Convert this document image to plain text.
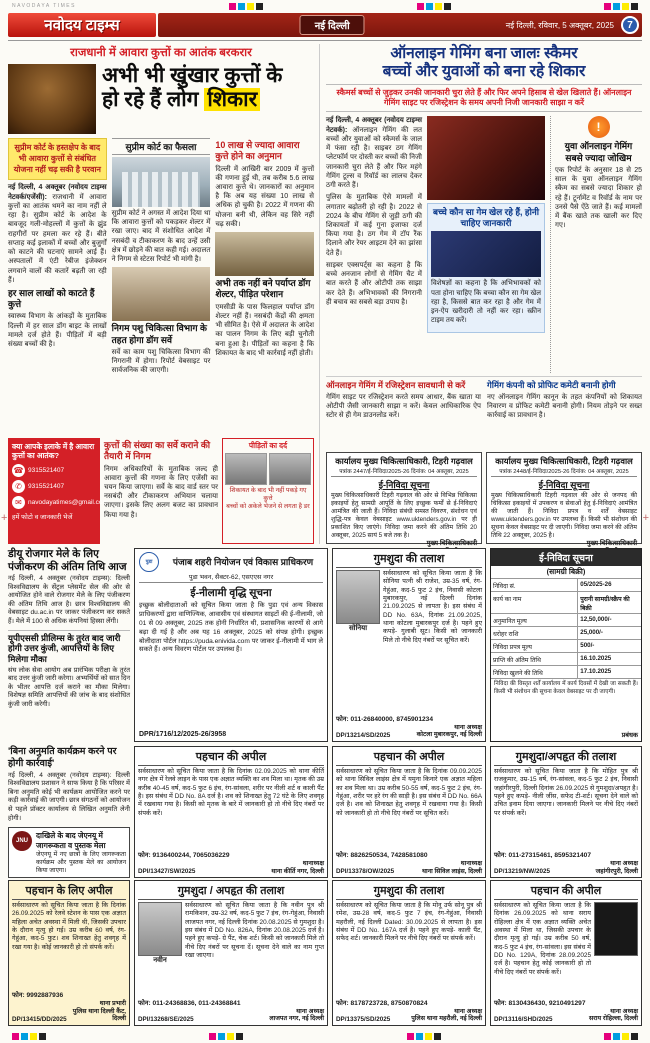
NAVODAYA TIMES
नवोदय टाइम्स	नई दिल्ली	नई दिल्ली, रविवार, 5 अक्तूबर, 2025	7
राजधानी में आवारा कुत्तों का आतंक बरकरार
अभी भी खुंखार कुत्तों के
हो रहे हैं लोग शिकार
सुप्रीम कोर्ट के हस्तक्षेप के बाद भी आवारा कुत्तों से संबंधित योजना नहीं चढ़ सकी है परवान

नई दिल्ली, 4 अक्तूबर (नवोदय टाइम्स नेटवर्क/एजेंसी): राजधानी में आवारा कुत्तों का आतंक थमने का नाम नहीं ले रहा है। सुप्रीम कोर्ट के आदेश के बावजूद गली-मोहल्लों में कुत्तों के झुंड राहगीरों पर हमला कर रहे हैं। बीते सप्ताह कई इलाकों में बच्चों और बुजुर्गों को काटने की घटनाएं सामने आई हैं। अस्पतालों में एंटी रेबीज इंजेक्शन लगवाने वालों की कतारें बढ़ती जा रही हैं।

हर साल लाखों को काटते हैं कुत्ते

स्वास्थ्य विभाग के आंकड़ों के मुताबिक दिल्ली में हर साल डॉग बाइट के लाखों मामले दर्ज होते हैं। पीड़ितों में बड़ी संख्या बच्चों की है।

सुप्रीम कोर्ट का फैसला

सुप्रीम कोर्ट ने अगस्त में आदेश दिया था कि आवारा कुत्तों को पकड़कर शेल्टर में रखा जाए। बाद में संशोधित आदेश में नसबंदी व टीकाकरण के बाद उन्हें उसी क्षेत्र में छोड़ने की बात कही गई। अदालत ने निगम से स्टेटस रिपोर्ट भी मांगी है।

निगम पशु चिकित्सा विभाग के तहत होगा डॉग सर्वे

सर्वे का काम पशु चिकित्सा विभाग की निगरानी में होगा। रिपोर्ट वेबसाइट पर सार्वजनिक की जाएगी।

10 लाख से ज्यादा आवारा कुत्ते होने का अनुमान

दिल्ली में आखिरी बार 2009 में कुत्तों की गणना हुई थी, तब करीब 5.6 लाख आवारा कुत्ते थे। जानकारों का अनुमान है कि अब यह संख्या 10 लाख से अधिक हो चुकी है। 2022 में गणना की योजना बनी थी, लेकिन वह सिरे नहीं चढ़ सकी।

अभी तक नहीं बने पर्याप्त डॉग शेल्टर, पीड़ित परेशान

एमसीडी के पास फिलहाल पर्याप्त डॉग शेल्टर नहीं हैं। नसबंदी केंद्रों की क्षमता भी सीमित है। ऐसे में अदालत के आदेश का पालन निगम के लिए बड़ी चुनौती बना हुआ है। पीड़ितों का कहना है कि शिकायत के बाद भी कार्रवाई नहीं होती।

क्या आपके इलाके में है आवारा कुत्तों का आतंक?
☎ 9315521407
✆ 9315521407
✉ navodayatimes@gmail.com
हमें फोटो व जानकारी भेजें
कुत्तों की संख्या का सर्वे कराने की तैयारी में निगम

निगम अधिकारियों के मुताबिक जल्द ही आवारा कुत्तों की गणना के लिए एजेंसी का चयन किया जाएगा। सर्वे के बाद वार्ड स्तर पर नसबंदी और टीकाकरण अभियान चलाया जाएगा। इसके लिए अलग बजट का प्रावधान किया गया है।

पीड़ितों का दर्द
शिकायत के बाद भी नहीं पकड़े गए कुत्ते
बच्चों को अकेले भेजने से लगता है डर
ऑनलाइन गेमिंग बना जालः स्कैमर
बच्चों और युवाओं को बना रहे शिकार

स्कैमर्स बच्चों से जुड़कर उनकी जानकारी चुरा लेते हैं और फिर अपने हिसाब से खेल खिलाते हैं। ऑनलाइन गेमिंग साइट पर रजिस्ट्रेशन के समय अपनी निजी जानकारी साझा न करें

नई दिल्ली, 4 अक्तूबर (नवोदय टाइम्स नेटवर्क): ऑनलाइन गेमिंग की लत बच्चों और युवाओं को स्कैमर्स के जाल में फंसा रही है। साइबर ठग गेमिंग प्लेटफॉर्म पर दोस्ती कर बच्चों की निजी जानकारी चुरा लेते हैं और फिर महंगे गेमिंग टूल्स व रिवॉर्ड का लालच देकर ठगी करते हैं।

पुलिस के मुताबिक ऐसे मामलों में लगातार बढ़ोतरी हो रही है। 2022 से 2024 के बीच गेमिंग से जुड़ी ठगी की शिकायतों में कई गुना इजाफा दर्ज किया गया है। ठग गेम में टॉप रैंक दिलाने और रेयर आइटम देने का झांसा देते हैं।

साइबर एक्सपर्ट्स का कहना है कि बच्चे अनजान लोगों से गेमिंग चैट में बात करते हैं और ओटीपी तक साझा कर देते हैं। अभिभावकों की निगरानी ही बचाव का सबसे बड़ा उपाय है।

बच्चे कौन सा गेम खेल रहे हैं, होनी चाहिए जानकारी

विशेषज्ञों का कहना है कि अभिभावकों को पता होना चाहिए कि बच्चा कौन सा गेम खेल रहा है, किससे बात कर रहा है और गेम में इन-ऐप खरीदारी तो नहीं कर रहा। स्क्रीन टाइम तय करें।

!
युवा ऑनलाइन गेमिंग सबसे ज्यादा जोखिम

एक रिपोर्ट के अनुसार 18 से 25 साल के युवा ऑनलाइन गेमिंग स्कैम का सबसे ज्यादा शिकार हो रहे हैं। टूर्नामेंट व रिवॉर्ड के नाम पर उनसे पैसे ऐंठे जाते हैं। कई मामलों में बैंक खाते तक खाली कर दिए गए।

ऑनलाइन गेमिंग में रजिस्ट्रेशन सावधानी से करें

गेमिंग साइट पर रजिस्ट्रेशन करते समय आधार, बैंक खाता या ओटीपी जैसी जानकारी साझा न करें। केवल आधिकारिक ऐप स्टोर से ही गेम डाउनलोड करें।

गेमिंग कंपनी को प्रोफिट कमेटी बनानी होगी

नए ऑनलाइन गेमिंग कानून के तहत कंपनियों को शिकायत निवारण व प्रोफिट कमेटी बनानी होगी। नियम तोड़ने पर सख्त कार्रवाई का प्रावधान है।

कार्यालय मुख्य चिकित्साधिकारी, टिहरी गढ़वाल
पत्रांक 2447/ई-निविदा/2025-26 दिनांक: 04 अक्तूबर, 2025
ई-निविदा सूचना

मुख्य चिकित्साधिकारी टिहरी गढ़वाल की ओर से विभिन्न चिकित्सा इकाइयों हेतु सामग्री आपूर्ति के लिए इच्छुक फर्मों से ई-निविदाएं आमंत्रित की जाती हैं। निविदा संबंधी समस्त विवरण, संशोधन एवं शुद्धि-पत्र केवल वेबसाइट www.uktenders.gov.in पर ही प्रकाशित किए जाएंगे। निविदा जमा करने की अंतिम तिथि 20 अक्तूबर, 2025 सायं 5 बजे तक है।

मुख्य चिकित्साधिकारी

कार्यालय मुख्य चिकित्साधिकारी, टिहरी गढ़वाल
पत्रांक 2448/ई-निविदा/2025-26 दिनांक: 04 अक्तूबर, 2025
ई-निविदा सूचना

मुख्य चिकित्साधिकारी टिहरी गढ़वाल की ओर से जनपद की चिकित्सा इकाइयों में उपकरण व सेवाओं हेतु ई-निविदाएं आमंत्रित की जाती हैं। निविदा प्रपत्र व शर्तें वेबसाइट www.uktenders.gov.in पर उपलब्ध हैं। किसी भी संशोधन की सूचना केवल वेबसाइट पर दी जाएगी। निविदा जमा करने की अंतिम तिथि 22 अक्तूबर, 2025 है।

मुख्य चिकित्साधिकारी

डीयू रोजगार मेले के लिए पंजीकरण की अंतिम तिथि आज

नई दिल्ली, 4 अक्तूबर (नवोदय टाइम्स): दिल्ली विश्वविद्यालय के सेंट्रल प्लेसमेंट सेल की ओर से आयोजित होने वाले रोजगार मेले के लिए पंजीकरण की अंतिम तिथि आज है। छात्र विश्वविद्यालय की वेबसाइट du.ac.in पर जाकर पंजीकरण कर सकते हैं। मेले में 100 से अधिक कंपनियां हिस्सा लेंगी।

यूपीएससी प्रीलिम्स के तुरंत बाद जारी होगी उत्तर कुंजी, आपत्तियों के लिए मिलेगा मौका

संघ लोक सेवा आयोग अब प्रारंभिक परीक्षा के तुरंत बाद उत्तर कुंजी जारी करेगा। अभ्यर्थियों को सात दिन के भीतर आपत्ति दर्ज कराने का मौका मिलेगा। विशेषज्ञ समिति आपत्तियों की जांच के बाद संशोधित कुंजी जारी करेगी।

पुडा	पंजाब शहरी नियोजन एवं विकास प्राधिकरण
पुडा भवन, सैक्टर-62, एसएएस नगर
ई-नीलामी वृद्धि सूचना

इच्छुक बोलीदाताओं को सूचित किया जाता है कि पुडा एवं अन्य विकास प्राधिकरणों द्वारा वाणिज्यिक, आवासीय एवं संस्थागत साइटों की ई-नीलामी, जो 01 से 09 अक्तूबर, 2025 तक होनी निर्धारित थी, प्रशासनिक कारणों से आगे बढ़ा दी गई है और अब यह 16 अक्तूबर, 2025 को संपन्न होगी। इच्छुक बोलीदाता पोर्टल https://puda.enivida.com पर जाकर ई-नीलामी में भाग ले सकते हैं। अन्य विवरण पोर्टल पर उपलब्ध है।

DPR/1716/12/2025-26/3958
गुमशुदा की तलाश
सोनिया

सर्वसाधारण को सूचित किया जाता है कि सोनिया पत्नी श्री राजेश, उम्र-35 वर्ष, रंग-गेहुंआ, कद-5 फुट 2 इंच, निवासी कोटला मुबारकपुर, नई दिल्ली दिनांक 21.09.2025 से लापता है। इस संबंध में DD No. 63A, दिनांक 21.09.2025, थाना कोटला मुबारकपुर दर्ज है। पहने हुए कपड़े- गुलाबी सूट। किसी को जानकारी मिले तो नीचे दिए नंबरों पर सूचित करें।

फोन: 011-26840000, 8745901234
DP/13214/SD/2025
थाना अध्यक्ष
कोटला मुबारकपुर, नई दिल्ली
ई-निविदा सूचना
(सामग्री बिक्री)
निविदा सं.	05/2025-26
कार्य का नाम	पुरानी सामग्री/स्क्रैप की बिक्री
अनुमानित मूल्य	12,50,000/-
धरोहर राशि	25,000/-
निविदा प्रपत्र मूल्य	500/-
प्राप्ति की अंतिम तिथि	16.10.2025
निविदा खुलने की तिथि	17.10.2025
निविदा की विस्तृत शर्तें कार्यालय में कार्य दिवसों में देखी जा सकती हैं। किसी भी संशोधन की सूचना केवल वेबसाइट पर दी जाएगी।
प्रबंधक
'बिना अनुमति कार्यक्रम करने पर होगी कार्रवाई'

नई दिल्ली, 4 अक्तूबर (नवोदय टाइम्स): दिल्ली विश्वविद्यालय प्रशासन ने साफ किया है कि परिसर में बिना अनुमति कोई भी कार्यक्रम आयोजित करने पर कड़ी कार्रवाई की जाएगी। छात्र संगठनों को आयोजन से पहले प्रॉक्टर कार्यालय से लिखित अनुमति लेनी होगी।

JNU
दाखिले के बाद जेएनयू में जागरूकता व पुस्तक मेला

जेएनयू में नए छात्रों के लिए जागरूकता कार्यक्रम और पुस्तक मेले का आयोजन किया जाएगा।

पहचान की अपील

सर्वसाधारण को सूचित किया जाता है कि दिनांक 02.09.2025 को थाना कीर्ति नगर क्षेत्र में रेलवे लाइन के पास एक अज्ञात व्यक्ति का शव मिला था। मृतक की उम्र करीब 40-45 वर्ष, कद-5 फुट 6 इंच, रंग-सांवला, शरीर पर नीली शर्ट व काली पैंट है। इस संबंध में DD No. 8A दर्ज है। शव को शिनाख्त हेतु 72 घंटे के लिए शवगृह में रखवाया गया है। किसी को मृतक के बारे में जानकारी हो तो नीचे दिए नंबरों पर संपर्क करें।

फोन: 9136400244, 7065036229
DPI/13427/SW/2025
थानाध्यक्ष
थाना कीर्ति नगर, दिल्ली
पहचान की अपील

सर्वसाधारण को सूचित किया जाता है कि दिनांक 09.09.2025 को थाना सिविल लाइंस क्षेत्र में यमुना किनारे एक अज्ञात महिला का शव मिला था। उम्र करीब 50-55 वर्ष, कद-5 फुट 2 इंच, रंग-गेहुंआ, शरीर पर हरे रंग की साड़ी है। इस संबंध में DD No. 66A दर्ज है। शव को शिनाख्त हेतु शवगृह में रखवाया गया है। किसी को जानकारी हो तो नीचे दिए नंबरों पर सूचित करें।

फोन: 8826250534, 7428581080
DPI/13378/OW/2025
थानाध्यक्ष
थाना सिविल लाइंस, दिल्ली
गुमशुदा/अपहृत की तलाश

सर्वसाधारण को सूचित किया जाता है कि मोहित पुत्र श्री राजकुमार, उम्र-15 वर्ष, रंग-सांवला, कद-5 फुट 2 इंच, निवासी जहांगीरपुरी, दिल्ली दिनांक 26.09.2025 से गुमशुदा/अपहृत है। पहने हुए कपड़े- नीली जींस, सफेद टी-शर्ट। सूचना देने वाले को उचित इनाम दिया जाएगा। जानकारी मिलने पर नीचे दिए नंबरों पर संपर्क करें।

फोन: 011-27315461, 8595321407
DP/13219/NW/2025
थाना अध्यक्ष
जहांगीरपुरी, दिल्ली
पहचान के लिए अपील

सर्वसाधारण को सूचित किया जाता है कि दिनांक 26.09.2025 को रेलवे स्टेशन के पास एक अज्ञात महिला अचेत अवस्था में मिली थी, जिसकी उपचार के दौरान मृत्यु हो गई। उम्र करीब 60 वर्ष, रंग-गेहुंआ, कद-5 फुट। शव शिनाख्त हेतु शवगृह में रखा गया है। कोई जानकारी हो तो संपर्क करें।

फोन: 9992887936
DP/13415/DD/2025
थाना प्रभारी
पुलिस थाना दिल्ली कैंट, दिल्ली
गुमशुदा / अपहृत की तलाश
नवीन

सर्वसाधारण को सूचित किया जाता है कि नवीन पुत्र श्री रामकिशन, उम्र-32 वर्ष, कद-5 फुट 7 इंच, रंग-गेहुंआ, निवासी लाजपत नगर, नई दिल्ली दिनांक 20.08.2025 से गुमशुदा है। इस संबंध में DD No. 826A, दिनांक 20.08.2025 दर्ज है। पहने हुए कपड़े- ग्रे पैंट, चेक शर्ट। किसी को जानकारी मिले तो नीचे दिए नंबरों पर सूचना दें। सूचना देने वाले का नाम गुप्त रखा जाएगा।

फोन: 011-24368836, 011-24368841
DPI/13268/SE/2025
थाना अध्यक्ष
लाजपत नगर, नई दिल्ली
गुमशुदा की तलाश

सर्वसाधारण को सूचित किया जाता है कि मोनू उर्फ सोनू पुत्र श्री रमेश, उम्र-28 वर्ष, कद-5 फुट 7 इंच, रंग-गेहुंआ, निवासी महरौली, नई दिल्ली Dated: 30.09.2025 से लापता है। इस संबंध में DD No. 167A दर्ज है। पहने हुए कपड़े- काली पैंट, सफेद शर्ट। जानकारी मिलने पर नीचे दिए नंबरों पर संपर्क करें।

फोन: 8178723728, 8750870824
DP/13375/SD/2025
थाना अध्यक्ष
पुलिस थाना महरौली, नई दिल्ली
पहचान की अपील

सर्वसाधारण को सूचित किया जाता है कि दिनांक 26.09.2025 को थाना सराय रोहिल्ला क्षेत्र में एक अज्ञात व्यक्ति अचेत अवस्था में मिला था, जिसकी उपचार के दौरान मृत्यु हो गई। उम्र करीब 50 वर्ष, कद-5 फुट 4 इंच, रंग-सांवला। इस संबंध में DD No. 129A, दिनांक 28.09.2025 दर्ज है। पहचान हेतु कोई जानकारी हो तो नीचे दिए नंबरों पर संपर्क करें।

फोन: 8130436430, 9210491297
DP/13116/SHD/2025
थाना अध्यक्ष
सराय रोहिल्ला, दिल्ली
+	+
